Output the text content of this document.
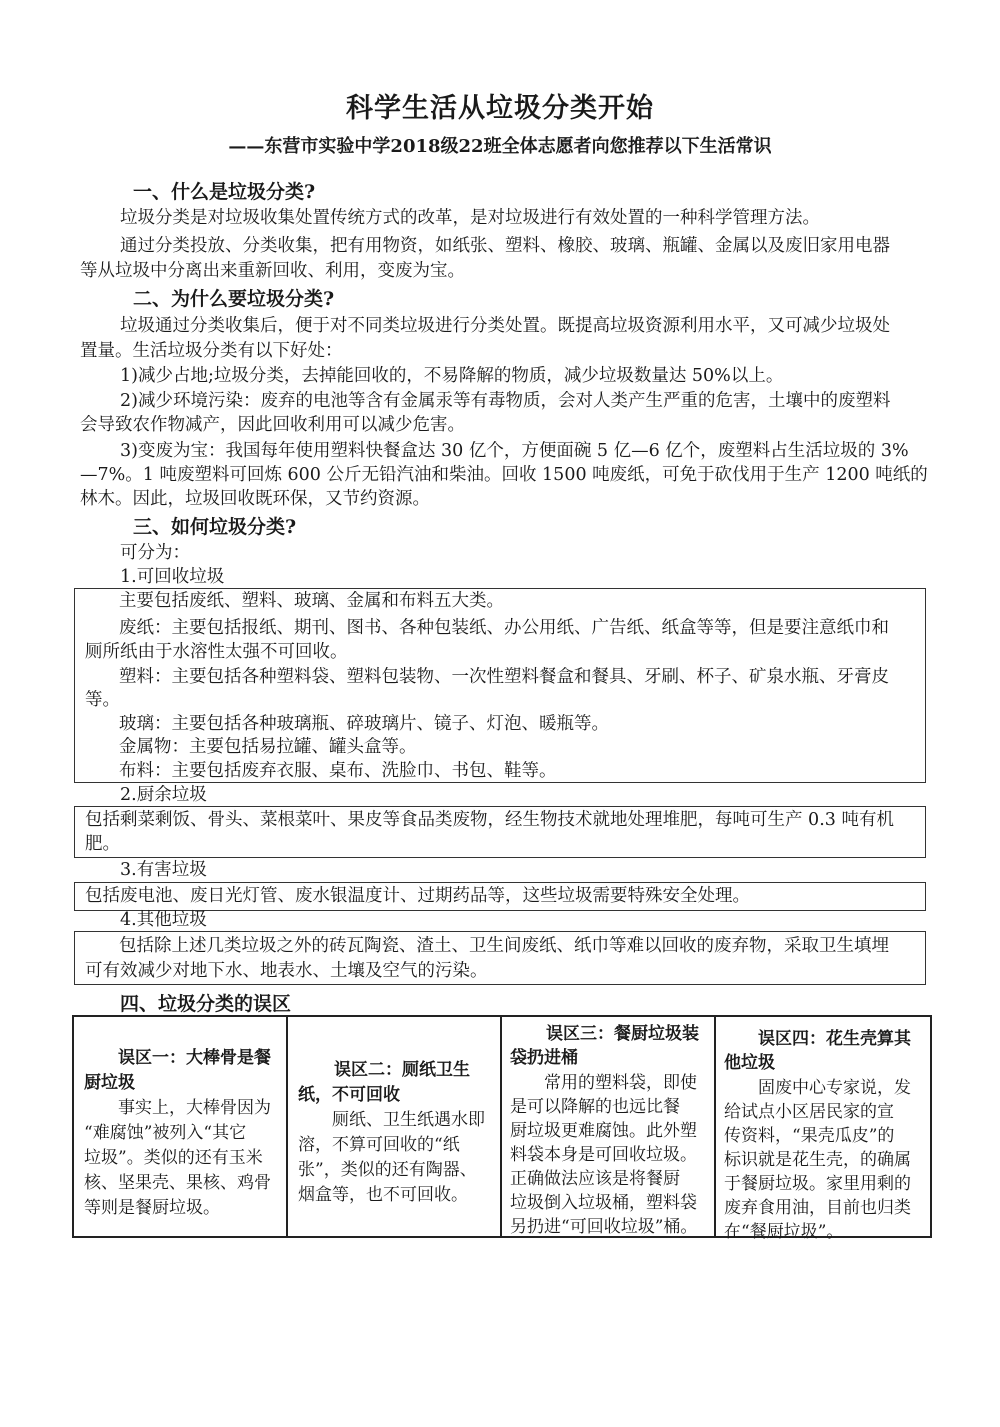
科学生活从垃圾分类开始
——东营市实验中学2018级22班全体志愿者向您推荐以下生活常识
一、什么是垃圾分类?
垃圾分类是对垃圾收集处置传统方式的改革，是对垃圾进行有效处置的一种科学管理方法。
通过分类投放、分类收集，把有用物资，如纸张、塑料、橡胶、玻璃、瓶罐、金属以及废旧家用电器
等从垃圾中分离出来重新回收、利用，变废为宝。
二、为什么要垃圾分类?
垃圾通过分类收集后，便于对不同类垃圾进行分类处置。既提高垃圾资源利用水平，又可减少垃圾处
置量。生活垃圾分类有以下好处：
1)减少占地;垃圾分类，去掉能回收的，不易降解的物质，减少垃圾数量达 50%以上。
2)减少环境污染：废弃的电池等含有金属汞等有毒物质，会对人类产生严重的危害，土壤中的废塑料
会导致农作物减产，因此回收利用可以减少危害。
3)变废为宝：我国每年使用塑料快餐盒达 30 亿个，方便面碗 5 亿—6 亿个，废塑料占生活垃圾的 3%
—7%。1 吨废塑料可回炼 600 公斤无铅汽油和柴油。回收 1500 吨废纸，可免于砍伐用于生产 1200 吨纸的
林木。因此，垃圾回收既环保，又节约资源。
三、如何垃圾分类?
可分为：
1.可回收垃圾
主要包括废纸、塑料、玻璃、金属和布料五大类。
废纸：主要包括报纸、期刊、图书、各种包装纸、办公用纸、广告纸、纸盒等等，但是要注意纸巾和
厕所纸由于水溶性太强不可回收。
塑料：主要包括各种塑料袋、塑料包装物、一次性塑料餐盒和餐具、牙刷、杯子、矿泉水瓶、牙膏皮
等。
玻璃：主要包括各种玻璃瓶、碎玻璃片、镜子、灯泡、暖瓶等。
金属物：主要包括易拉罐、罐头盒等。
布料：主要包括废弃衣服、桌布、洗脸巾、书包、鞋等。
2.厨余垃圾
包括剩菜剩饭、骨头、菜根菜叶、果皮等食品类废物，经生物技术就地处理堆肥，每吨可生产 0.3 吨有机
肥。
3.有害垃圾
包括废电池、废日光灯管、废水银温度计、过期药品等，这些垃圾需要特殊安全处理。
4.其他垃圾
包括除上述几类垃圾之外的砖瓦陶瓷、渣土、卫生间废纸、纸巾等难以回收的废弃物，采取卫生填埋
可有效减少对地下水、地表水、土壤及空气的污染。
四、垃圾分类的误区
误区一：大棒骨是餐
厨垃圾
事实上，大棒骨因为
“难腐蚀”被列入“其它
垃圾”。类似的还有玉米
核、坚果壳、果核、鸡骨
等则是餐厨垃圾。
误区二：厕纸卫生
纸，不可回收
厕纸、卫生纸遇水即
溶，不算可回收的“纸
张”，类似的还有陶器、
烟盒等，也不可回收。
误区三：餐厨垃圾装
袋扔进桶
常用的塑料袋，即使
是可以降解的也远比餐
厨垃圾更难腐蚀。此外塑
料袋本身是可回收垃圾。
正确做法应该是将餐厨
垃圾倒入垃圾桶，塑料袋
另扔进“可回收垃圾”桶。
误区四：花生壳算其
他垃圾
固废中心专家说，发
给试点小区居民家的宣
传资料，“果壳瓜皮”的
标识就是花生壳，的确属
于餐厨垃圾。家里用剩的
废弃食用油，目前也归类
在“餐厨垃圾”。
